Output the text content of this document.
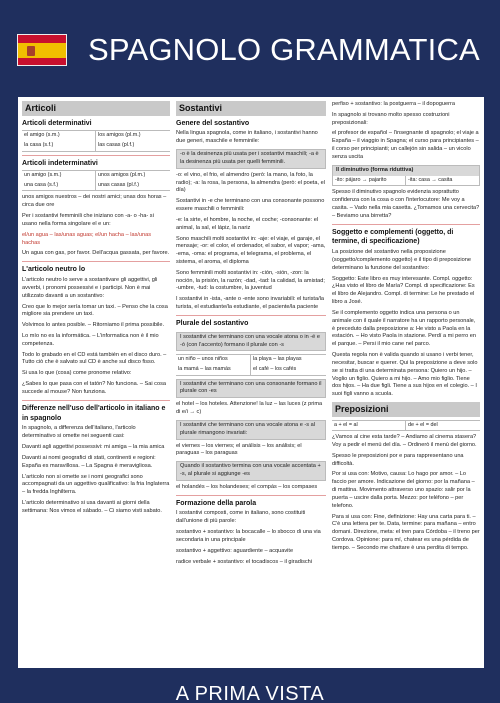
SPAGNOLO GRAMMATICA
Articoli
Articoli determinativi
el amigo (s.m.)	los amigos (pl.m.)
la casa (s.f.)	las casas (pl.f.)
Articoli indeterminativi
un amigo (s.m.)	unos amigos (pl.m.)
una casa (s.f.)	unas casas (pl.f.)

unos amigos nuestros – dei nostri amici; unas dos horas – circa due ore

Per i sostantivi femminili che iniziano con -a- o -ha- si usano nella forma singolare el e un:

el/un agua – las/unas aguas; el/un hacha – las/unas hachas

Un agua con gas, por favor. Dell'acqua gassata, per favore.

L'articolo neutro lo

L'articolo neutro lo serve a sostantivare gli aggettivi, gli avverbi, i pronomi possessivi e i participi. Non è mai utilizzato davanti a un sostantivo:

Creo que lo mejor sería tomar un taxi. – Penso che la cosa migliore sia prendere un taxi.

Volvimos lo antes posible. – Ritorniamo il prima possibile.

Lo mío no es la informática. – L'informatica non è il mio competenza.

Todo lo grabado en el CD está también en el disco duro. – Tutto ciò che è salvato sul CD è anche sul disco fisso.

Si usa lo que (cosa) come pronome relativo:

¿Sabes lo que pasa con el tatón? No funciona. – Sai cosa succede al mouse? Non funziona.

Differenze nell'uso dell'articolo in italiano e in spagnolo

In spagnolo, a differenza dell'italiano, l'articolo determinativo si omette nei seguenti casi:

Davanti agli aggettivi possessivi: mi amiga – la mia amica

Davanti ai nomi geografici di stati, continenti e regioni: España es maravillosa. – La Spagna è meravigliosa.

L'articolo non si omette se i nomi geografici sono accompagnati da un aggettivo qualificativo: la fria Inglaterra – la fredda Inghilterra.

L'articolo determinativo si usa davanti ai giorni della settimana: Nos vimos el sábado. – Ci siamo visti sabato.

Sostantivi
Genere del sostantivo

Nella lingua spagnola, come in italiano, i sostantivi hanno due generi, maschile e femminile:

-o è la desinenza più usata per i sostantivi maschili; -a è la desinenza più usata per quelli femminili.

-o: el vino, el frio, el almendro (però: la mano, la foto, la radio); -a: la rosa, la persona, la almendra (però: el poeta, el día)

Sostantivi in -e che terminano con una consonante possono essere maschili o femminili:

-e: la sirte, el hombre, la noche, el coche; -consonante: el animal, la sal, el lápiz, la nariz

Sono maschili molti sostantivi in: -aje: el viaje, el garaje, el mensaje; -or: el color, el ordenador, el sabor, el vapor; -ama, -ema, -oma: el programa, el telegrama, el problema, el sistema, el aroma, el diploma

Sono femminili molti sostantivi in: -ción, -sión, -zon: la noción, la prisión, la razón; -dad, -tad: la calidad, la amistad; -umbre, -tud: la costumbre, la juventud

I sostantivi in -ista, -ante o -ente sono invariabili: el turista/la turista, el estudiante/la estudiante, el paciente/la paciente

Plurale del sostantivo
I sostantivi che terminano con una vocale atona o in -é e -ó (con l'accento) formano il plurale con -s
un niño – unos niños	la playa – las playas
la mamá – las mamás	el café – los cafés
I sostantivi che terminano con una consonante formano il plurale con -es

el hotel – los hoteles. Attenzione! la luz – las luces (z prima di e/i → c)

I sostantivi che terminano con una vocale atona e -s al plurale rimangono invariati:

el viernes – los viernes; el análisis – los análisis; el paraguas – los paraguas

Quando il sostantivo termina con una vocale accentata + -s, al plurale si aggiunge -es

el holandés – los holandeses; el compás – los compases

Formazione della parola

I sostantivi composti, come in italiano, sono costituiti dall'unione di più parole:

sostantivo + sostantivo: la bocacalle – lo sbocco di una via secondaria in una principale

sostantivo + aggettivo: aguardiente – acquavite

radice verbale + sostantivo: el tocadiscos – il giradischi

perfiso + sostantivo: la postguerra – il dopoguerra

In spagnolo si trovano molto spesso costruzioni preposizionali:

el profesor de español – l'insegnante di spagnolo; el viaje a España – il viaggio in Spagna; el curso para principiantes – il corso per principianti; un callejón sin salida – un vicolo senza uscita

Il diminutivo (forma riduttiva)
-ito: pájaro → pajarito	-ita: casa → casita

Spesso il diminutivo spagnolo evidenzia soprattutto confidenza con la cosa o con l'interlocutore: Me voy a casita. – Vado nella mia casetta. ¿Tomamos una cervecita? – Beviamo una birretta?

Soggetto e complementi (oggetto, di termine, di specificazione)

La posizione del sostantivo nella proposizione (soggetto/complemento oggetto) e il tipo di preposizione determinano la funzione del sostantivo:

Soggetto: Este libro es muy interesante. Compl. oggetto: ¿Has visto el libro de María? Compl. di specificazione: Es el libro de Alejandro. Compl. di termine: Le he prestado el libro a José.

Se il complemento oggetto indica una persona o un animale con il quale il narratore ha un rapporto personale, è preceduto dalla preposizione a: He visto a Paola en la estación. – Ho visto Paola in stazione. Perdí a mi perro en el parque. – Persi il mio cane nel parco.

Questa regola non è valida quando si usano i verbi tener, necesitar, buscar e querer. Qui la preposizione a deve solo se si tratta di una determinata persona: Quiero un hijo. – Voglio un figlio. Quiero a mi hijo. – Amo mio figlio. Tiene dos hijos. – Ha due figli. Tiene a sus hijos en el colegio. – I suoi figli vanno a scuola.

Preposizioni
a + el = al	de + el = del

¿Vamos al cine esta tarde? – Andiamo al cinema stasera? Voy a pedir el menú del día. – Ordinerò il menù del giorno.

Spesso le preposizioni por e para rappresentano una difficoltà.

Por si usa con: Motivo, causa: Lo hago por amor. – Lo faccio per amore. Indicazione del giorno: por la mañana – di mattina. Movimento attraverso uno spazio: salir por la puerta – uscire dalla porta. Mezzo: por teléfono – per telefono.

Para si usa con: Fine, definizione: Hay una carta para ti. – C'è una lettera per te. Data, termine: para mañana – entro domani. Direzione, meta: el tren para Córdoba – il treno per Cordova. Opinione: para mí, chatear es una pérdida de tiempo. – Secondo me chattare è una perdita di tempo.

A PRIMA VISTA
